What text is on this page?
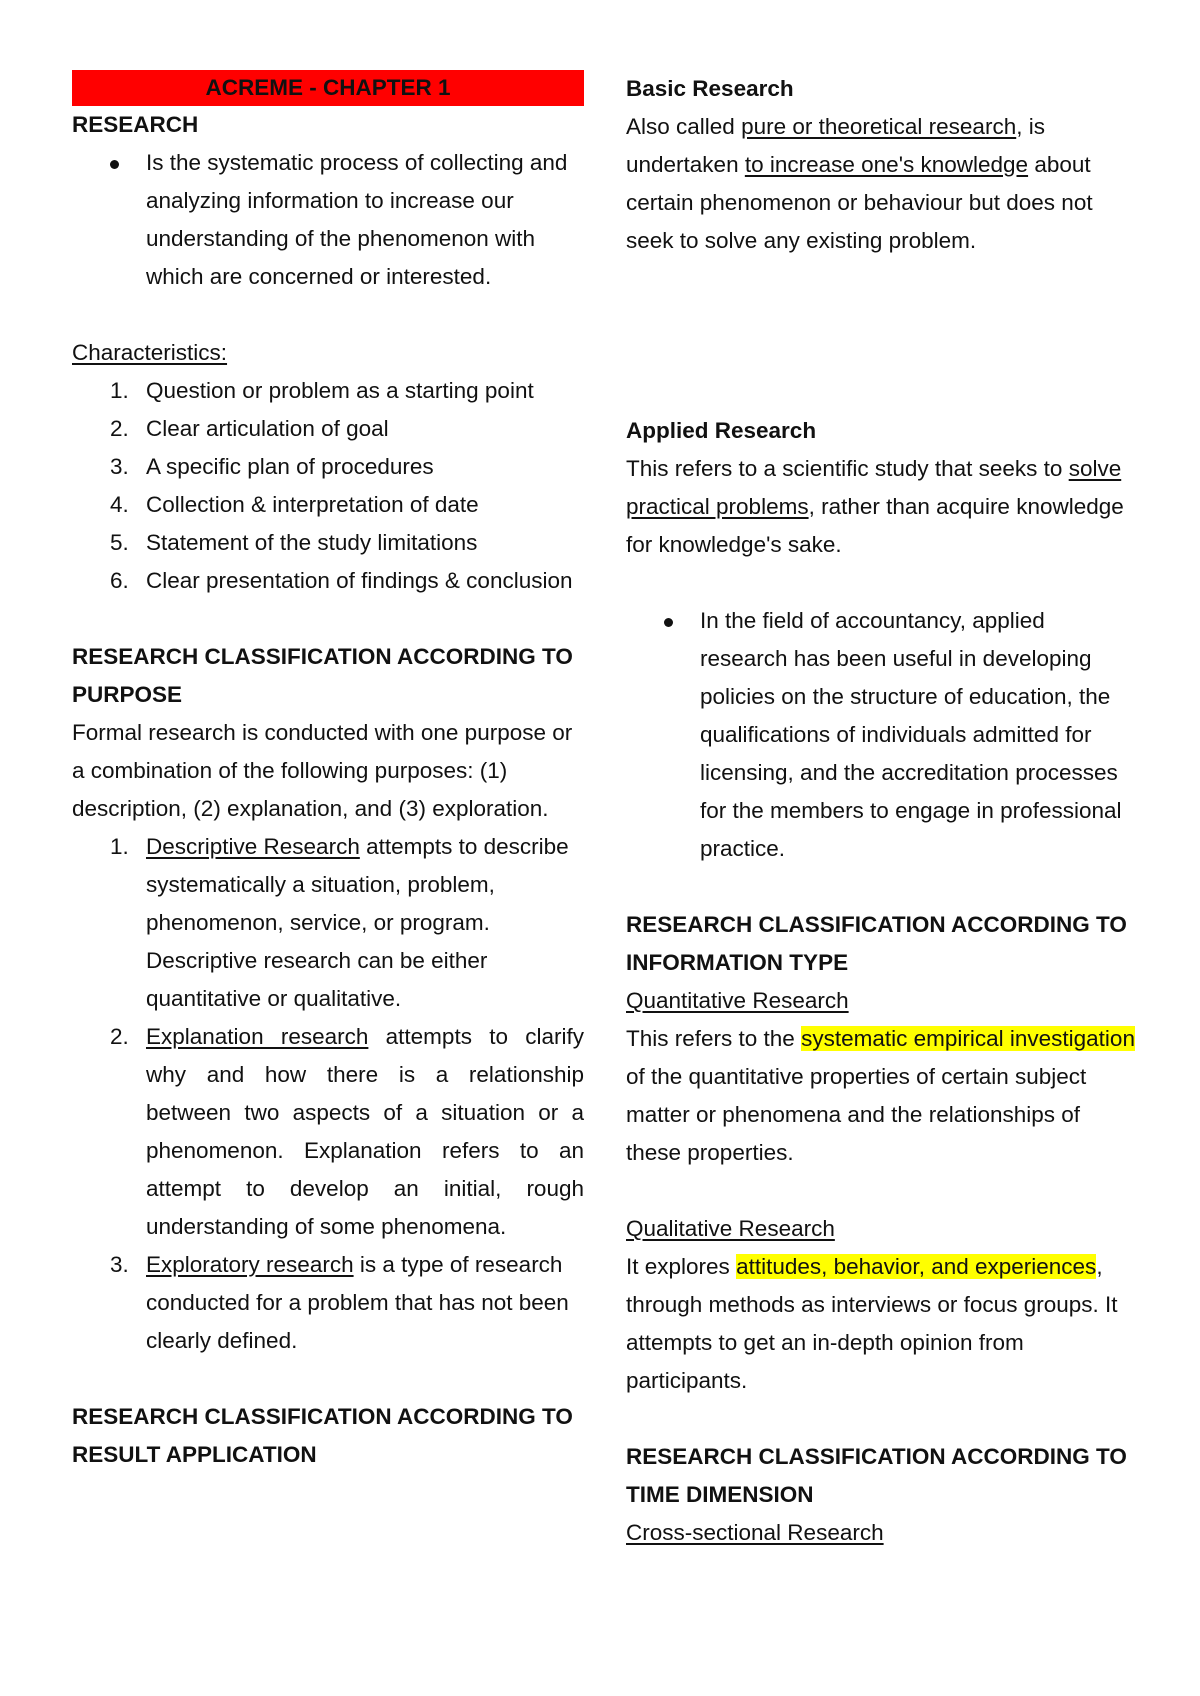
ACREME - CHAPTER 1

RESEARCH

Is the systematic process of collecting and analyzing information to increase our understanding of the phenomenon with which are concerned or interested.

Characteristics:

1. Question or problem as a starting point
2. Clear articulation of goal
3. A specific plan of procedures
4. Collection & interpretation of date
5. Statement of the study limitations
6. Clear presentation of findings & conclusion

RESEARCH CLASSIFICATION ACCORDING TO PURPOSE

Formal research is conducted with one purpose or a combination of the following purposes: (1) description, (2) explanation, and (3) exploration.

1. Descriptive Research attempts to describe systematically a situation, problem, phenomenon, service, or program. Descriptive research can be either quantitative or qualitative.
2. Explanation research attempts to clarify why and how there is a relationship between two aspects of a situation or a phenomenon. Explanation refers to an attempt to develop an initial, rough understanding of some phenomena.
3. Exploratory research is a type of research conducted for a problem that has not been clearly defined.

RESEARCH CLASSIFICATION ACCORDING TO RESULT APPLICATION

Basic Research

Also called pure or theoretical research, is undertaken to increase one's knowledge about certain phenomenon or behaviour but does not seek to solve any existing problem.

Applied Research

This refers to a scientific study that seeks to solve practical problems, rather than acquire knowledge for knowledge's sake.

In the field of accountancy, applied research has been useful in developing policies on the structure of education, the qualifications of individuals admitted for licensing, and the accreditation processes for the members to engage in professional practice.

RESEARCH CLASSIFICATION ACCORDING TO INFORMATION TYPE

Quantitative Research

This refers to the systematic empirical investigation of the quantitative properties of certain subject matter or phenomena and the relationships of these properties.

Qualitative Research

It explores attitudes, behavior, and experiences, through methods as interviews or focus groups. It attempts to get an in-depth opinion from participants.

RESEARCH CLASSIFICATION ACCORDING TO TIME DIMENSION

Cross-sectional Research
